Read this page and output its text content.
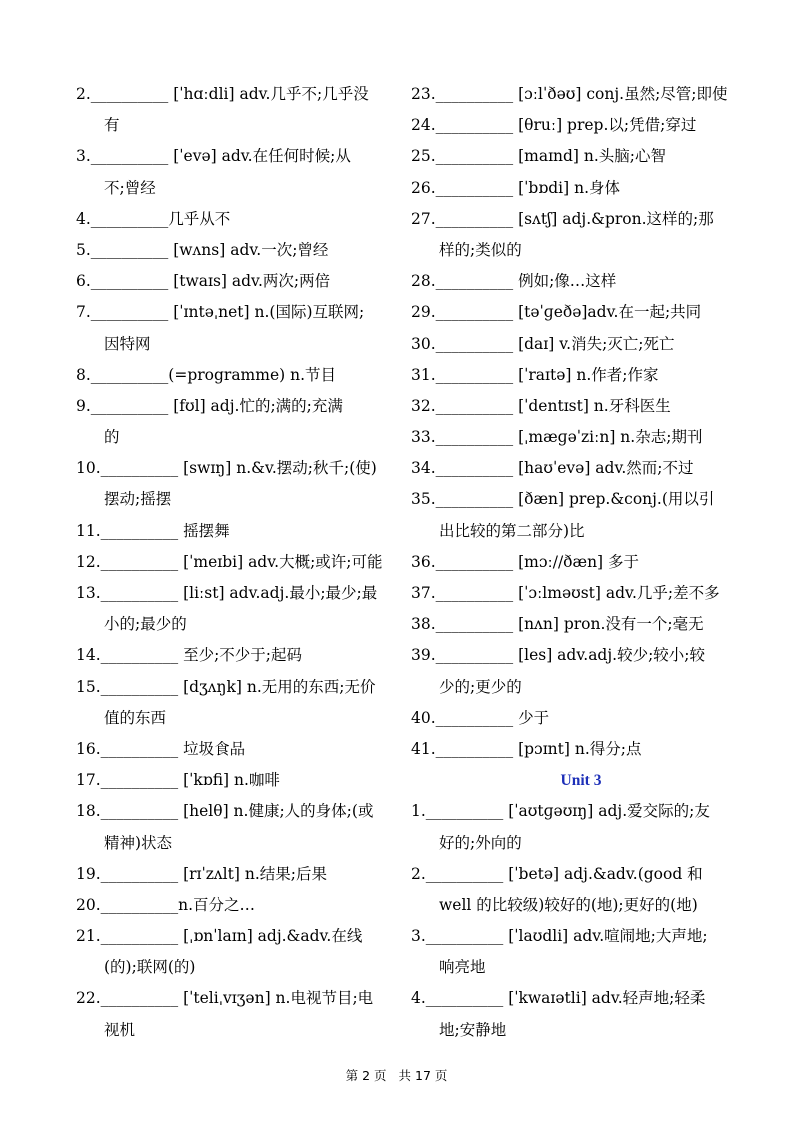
2.__________ [ˈhɑːdli] adv.几乎不;几乎没
有
3.__________ [ˈevə] adv.在任何时候;从
不;曾经
4.__________几乎从不
5.__________ [wʌns] adv.一次;曾经
6.__________ [twaɪs] adv.两次;两倍
7.__________ [ˈɪntəˌnet] n.(国际)互联网;
因特网
8.__________(=programme) n.节目
9.__________ [fʊl] adj.忙的;满的;充满
的
10.__________ [swɪŋ] n.&v.摆动;秋千;(使)
摆动;摇摆
11.__________ 摇摆舞
12.__________ [ˈmeɪbi] adv.大概;或许;可能
13.__________ [liːst] adv.adj.最小;最少;最
小的;最少的
14.__________ 至少;不少于;起码
15.__________ [dʒʌŋk] n.无用的东西;无价
值的东西
16.__________ 垃圾食品
17.__________ [ˈkɒfi] n.咖啡
18.__________ [helθ] n.健康;人的身体;(或
精神)状态
19.__________ [rɪˈzʌlt] n.结果;后果
20.__________n.百分之…
21.__________ [ˌɒnˈlaɪn] adj.&adv.在线
(的);联网(的)
22.__________ [ˈteliˌvɪʒən] n.电视节目;电
视机
23.__________ [ɔːlˈðəʊ] conj.虽然;尽管;即使
24.__________ [θruː] prep.以;凭借;穿过
25.__________ [maɪnd] n.头脑;心智
26.__________ [ˈbɒdi] n.身体
27.__________ [sʌtʃ] adj.&pron.这样的;那
样的;类似的
28.__________ 例如;像…这样
29.__________ [təˈɡeðə]adv.在一起;共同
30.__________ [daɪ] v.消失;灭亡;死亡
31.__________ [ˈraɪtə] n.作者;作家
32.__________ [ˈdentɪst] n.牙科医生
33.__________ [ˌmæɡəˈziːn] n.杂志;期刊
34.__________ [haʊˈevə] adv.然而;不过
35.__________ [ðæn] prep.&conj.(用以引
出比较的第二部分)比
36.__________ [mɔː//ðæn] 多于
37.__________ [ˈɔːlməʊst] adv.几乎;差不多
38.__________ [nʌn] pron.没有一个;毫无
39.__________ [les] adv.adj.较少;较小;较
少的;更少的
40.__________ 少于
41.__________ [pɔɪnt] n.得分;点
Unit 3
1.__________ [ˈaʊtɡəʊɪŋ] adj.爱交际的;友
好的;外向的
2.__________ [ˈbetə] adj.&adv.(good 和
well 的比较级)较好的(地);更好的(地)
3.__________ [ˈlaʊdli] adv.喧闹地;大声地;
响亮地
4.__________ [ˈkwaɪətli] adv.轻声地;轻柔
地;安静地
第 2 页 共 17 页
